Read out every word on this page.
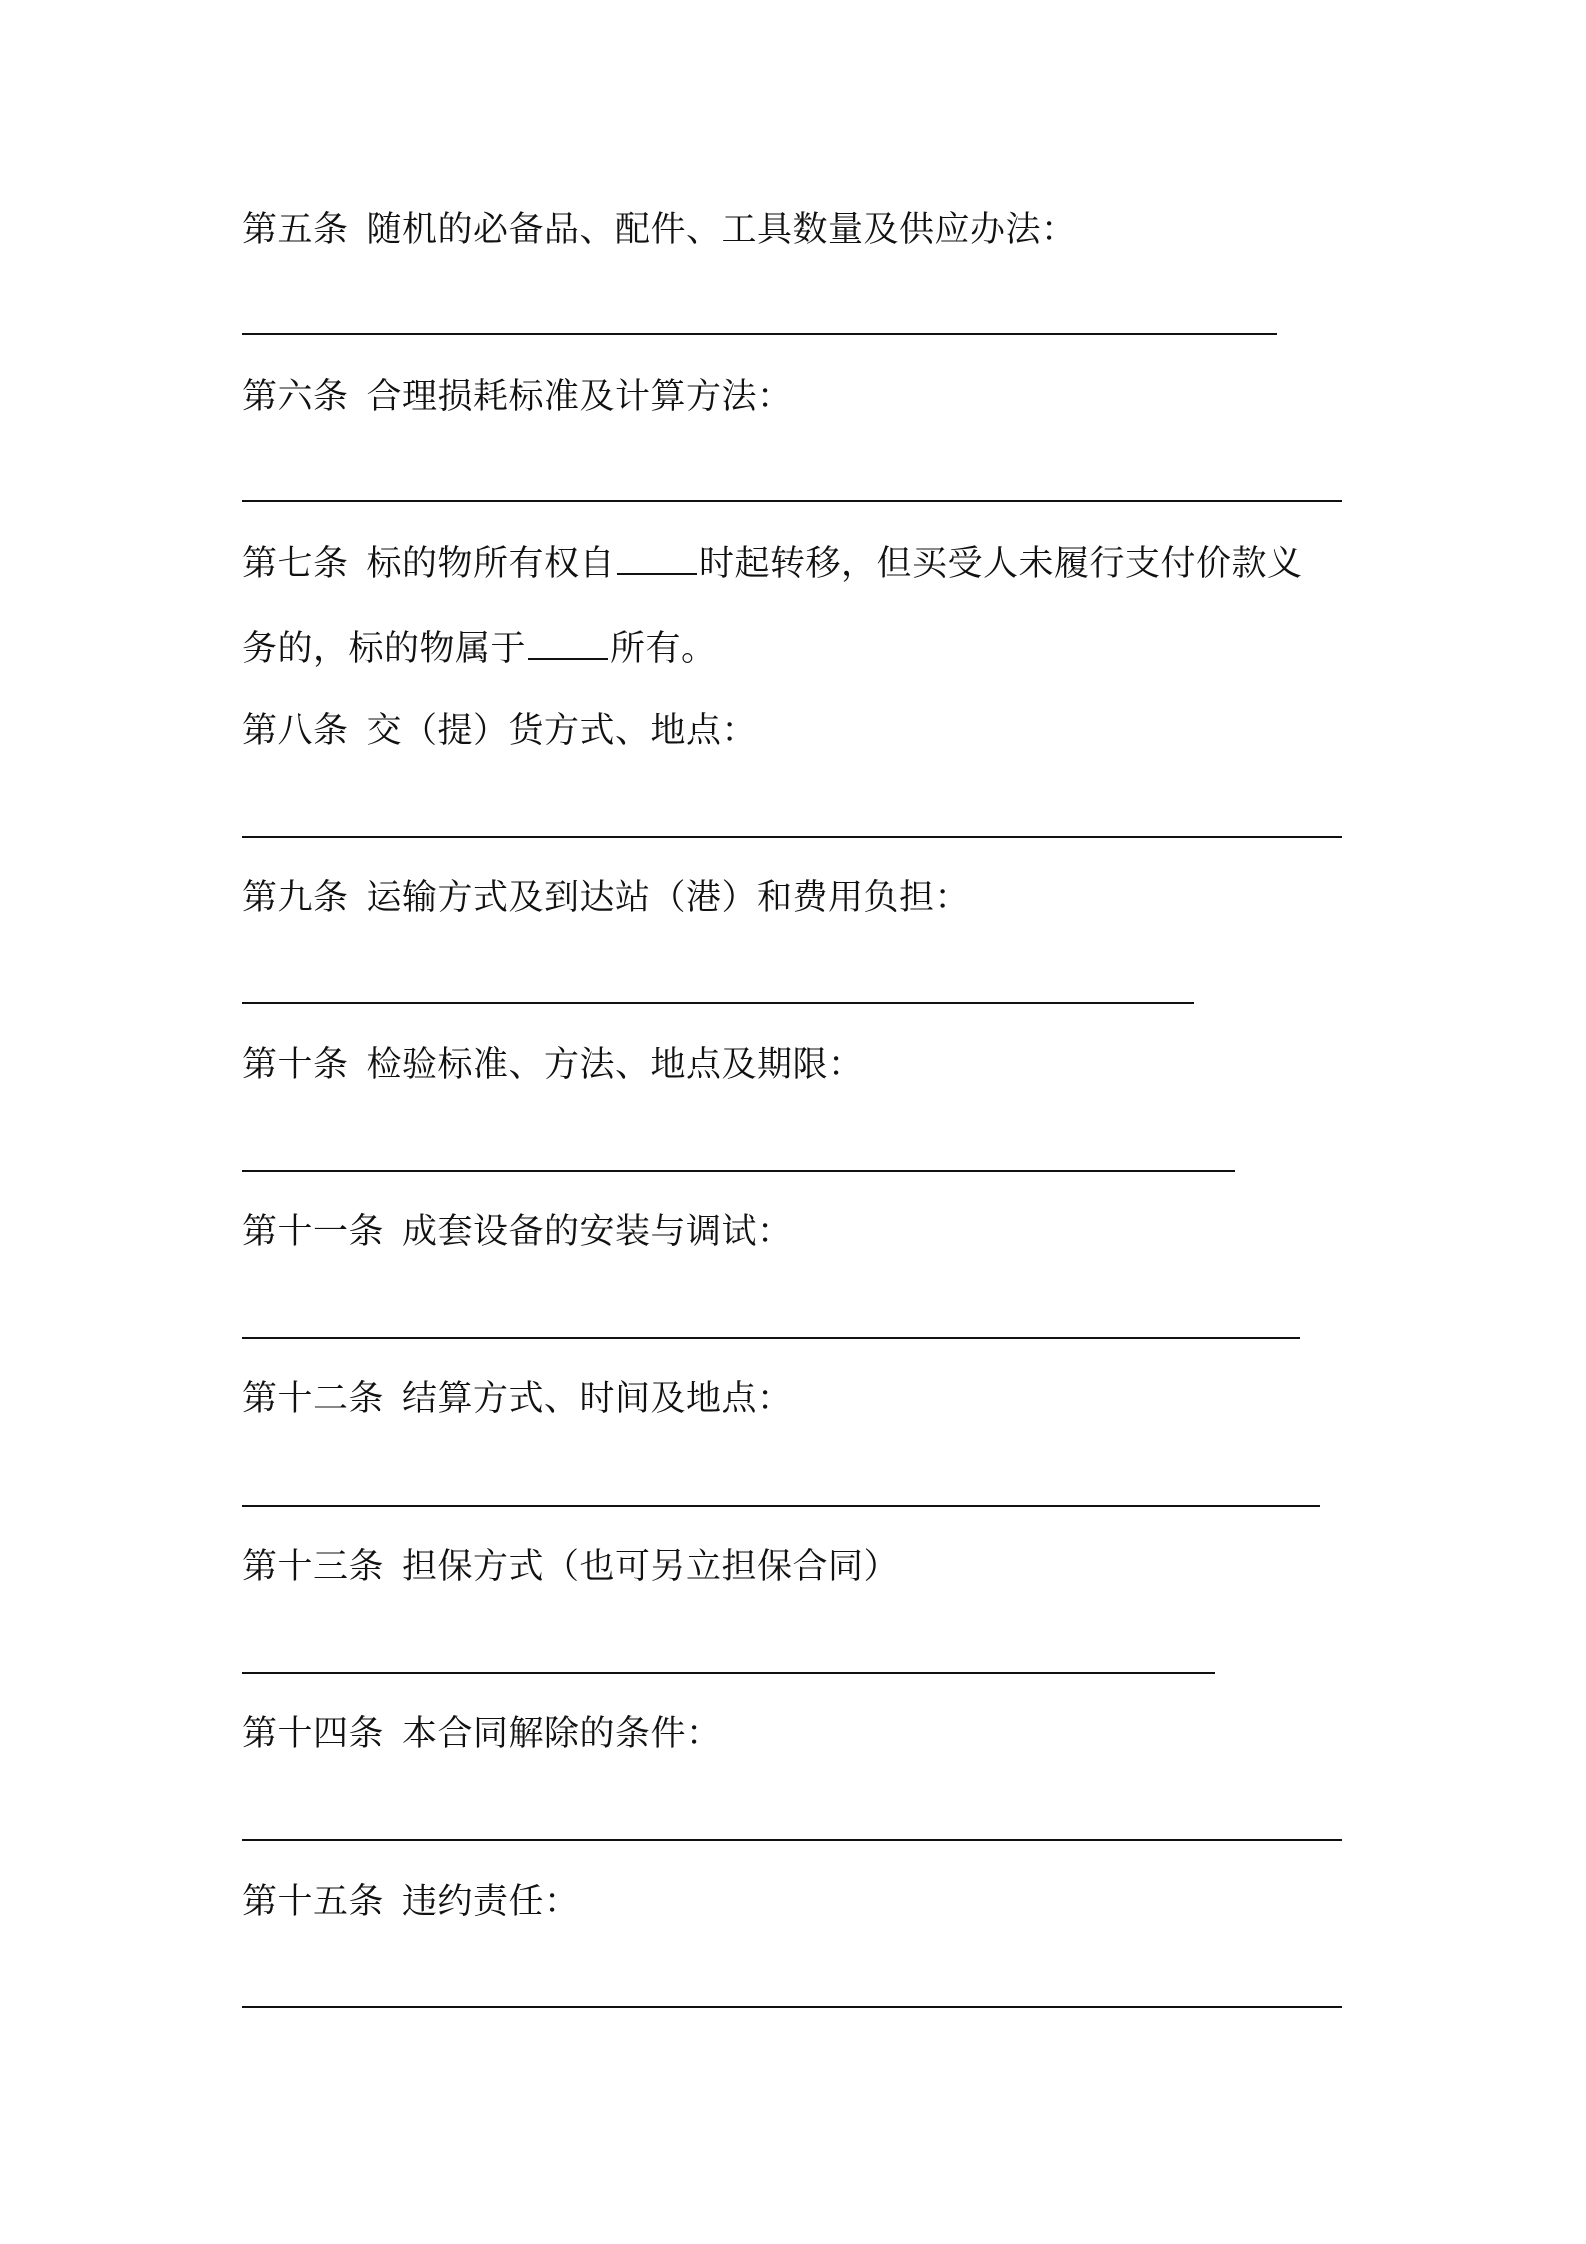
第五条 随机的必备品、配件、工具数量及供应办法：
第六条 合理损耗标准及计算方法：
第七条 标的物所有权自 时起转移，但买受人未履行支付价款义
务的，标的物属于 所有。
第八条 交（提）货方式、地点：
第九条 运输方式及到达站（港）和费用负担：
第十条 检验标准、方法、地点及期限：
第十一条 成套设备的安装与调试：
第十二条 结算方式、时间及地点：
第十三条 担保方式（也可另立担保合同）
第十四条 本合同解除的条件：
第十五条 违约责任：
